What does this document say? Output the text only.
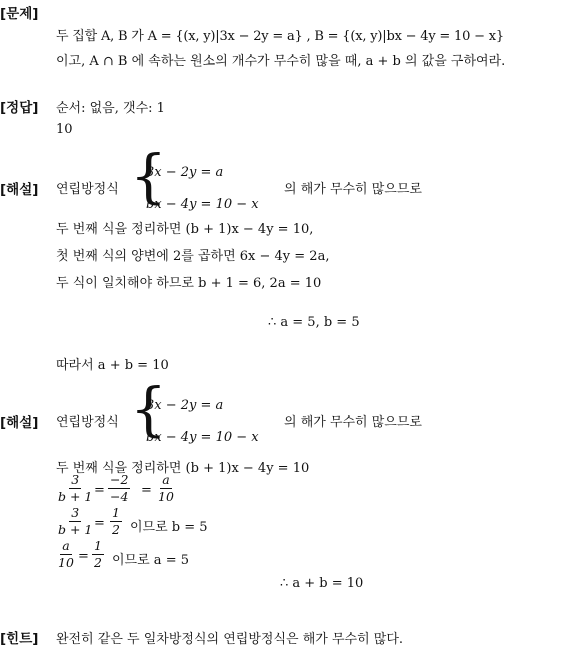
[문제]
[정답]
[해설]
[해설]
[힌트]
두 집합 A, B 가 A = {(x, y)|3x − 2y = a} , B = {(x, y)|bx − 4y = 10 − x}
이고, A ∩ B 에 속하는 원소의 개수가 무수히 많을 때, a + b 의 값을 구하여라.
순서: 없음, 갯수: 1
10
연립방정식 {
3x − 2y = a
bx − 4y = 10 − x
의 해가 무수히 많으므로
두 번째 식을 정리하면 (b + 1)x − 4y = 10,
첫 번째 식의 양변에 2를 곱하면 6x − 4y = 2a,
두 식이 일치해야 하므로 b + 1 = 6, 2a = 10
∴ a = 5, b = 5
따라서 a + b = 10
연립방정식 {
3x − 2y = a
bx − 4y = 10 − x
의 해가 무수히 많으므로
두 번째 식을 정리하면 (b + 1)x − 4y = 10
$\frac{3}{b + 1} = \frac{-2}{-4} = \frac{a}{10}$
$\frac{3}{b + 1} = \frac{1}{2}$ 이므로 b = 5
$\frac{a}{10} = \frac{1}{2}$ 이므로 a = 5
∴ a + b = 10
완전히 같은 두 일차방정식의 연립방정식은 해가 무수히 많다.
